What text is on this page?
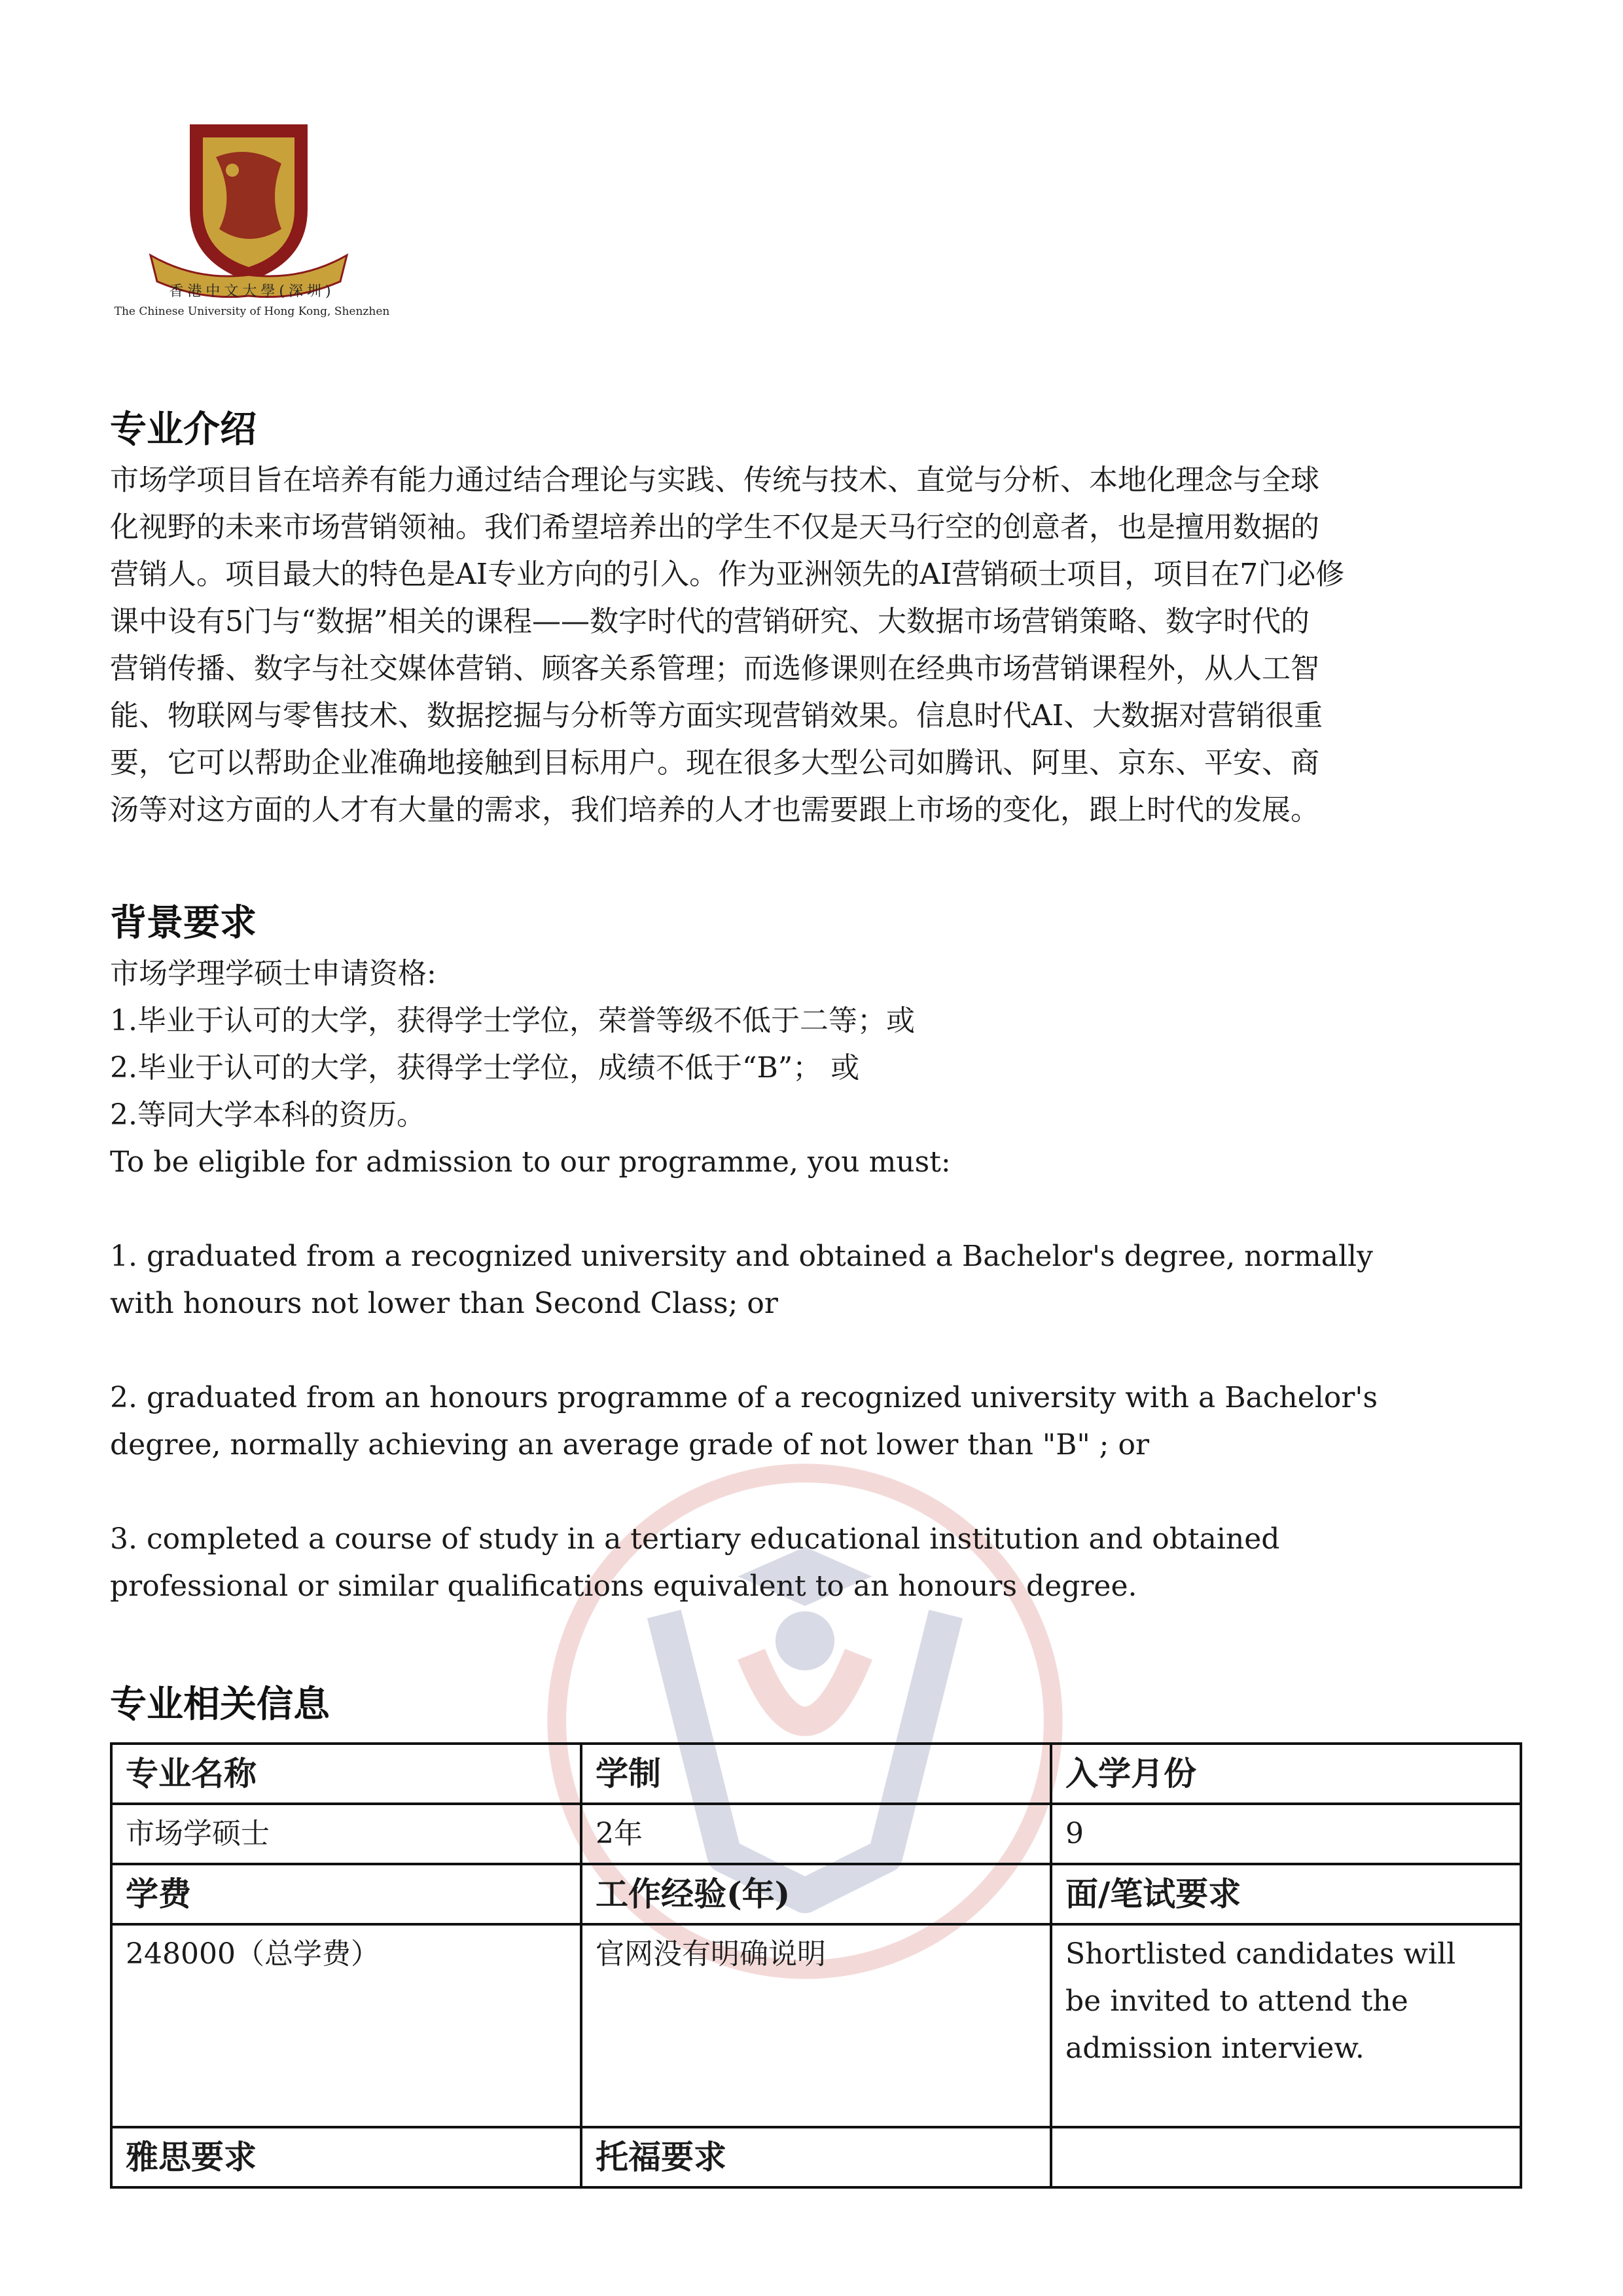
香港中文大學(深圳)
The Chinese University of Hong Kong, Shenzhen
专业介绍
市场学项目旨在培养有能力通过结合理论与实践、传统与技术、直觉与分析、本地化理念与全球
化视野的未来市场营销领袖。我们希望培养出的学生不仅是天马行空的创意者，也是擅用数据的
营销人。项目最大的特色是AI专业方向的引入。作为亚洲领先的AI营销硕士项目，项目在7门必修
课中设有5门与“数据”相关的课程——数字时代的营销研究、大数据市场营销策略、数字时代的
营销传播、数字与社交媒体营销、顾客关系管理；而选修课则在经典市场营销课程外，从人工智
能、物联网与零售技术、数据挖掘与分析等方面实现营销效果。信息时代AI、大数据对营销很重
要，它可以帮助企业准确地接触到目标用户。现在很多大型公司如腾讯、阿里、京东、平安、商
汤等对这方面的人才有大量的需求，我们培养的人才也需要跟上市场的变化，跟上时代的发展。
背景要求
市场学理学硕士申请资格:
1.毕业于认可的大学，获得学士学位，荣誉等级不低于二等；或
2.毕业于认可的大学，获得学士学位，成绩不低于“B”； 或
2.等同大学本科的资历。
To be eligible for admission to our programme, you must:
1. graduated from a recognized university and obtained a Bachelor's degree, normally
with honours not lower than Second Class; or
2. graduated from an honours programme of a recognized university with a Bachelor's
degree, normally achieving an average grade of not lower than "B" ; or
3. completed a course of study in a tertiary educational institution and obtained
professional or similar qualifications equivalent to an honours degree.
专业相关信息
专业名称	学制	入学月份
市场学硕士	2年	9
学费	工作经验(年)	面/笔试要求
248000（总学费）	官网没有明确说明	Shortlisted candidates will
be invited to attend the
admission interview.

雅思要求	托福要求	
